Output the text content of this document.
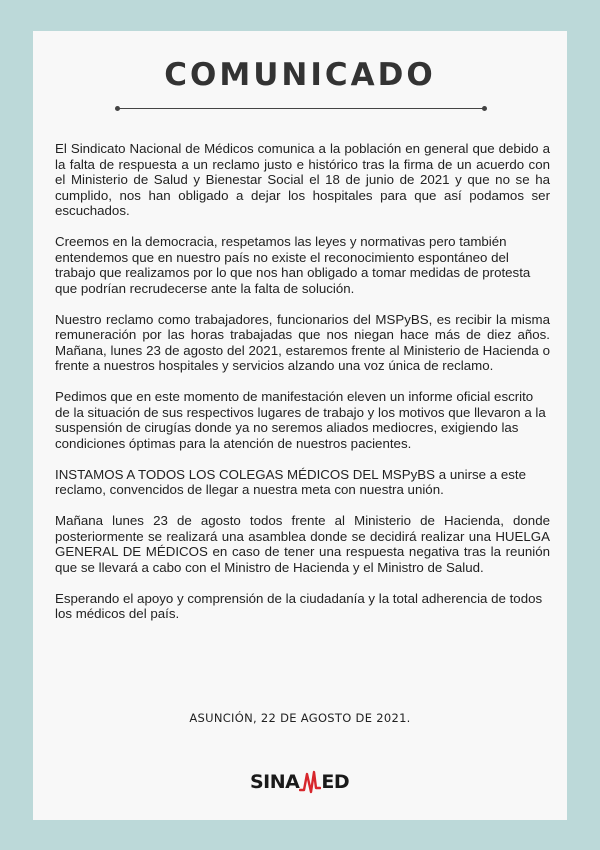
COMUNICADO

El Sindicato Nacional de Médicos comunica a la población en general que debido a la falta de respuesta a un reclamo justo e histórico tras la firma de un acuerdo con el Ministerio de Salud y Bienestar Social el 18 de junio de 2021 y que no se ha cumplido, nos han obligado a dejar los hospitales para que así podamos ser escuchados.

Creemos en la democracia, respetamos las leyes y normativas pero también entendemos que en nuestro país no existe el reconocimiento espontáneo del trabajo que realizamos por lo que nos han obligado a tomar medidas de protesta que podrían recrudecerse ante la falta de solución.

Nuestro reclamo como trabajadores, funcionarios del MSPyBS, es recibir la misma remuneración por las horas trabajadas que nos niegan hace más de diez años. Mañana, lunes 23 de agosto del 2021, estaremos frente al Ministerio de Hacienda o frente a nuestros hospitales y servicios alzando una voz única de reclamo.

Pedimos que en este momento de manifestación eleven un informe oficial escrito de la situación de sus respectivos lugares de trabajo y los motivos que llevaron a la suspensión de cirugías donde ya no seremos aliados mediocres, exigiendo las condiciones óptimas para la atención de nuestros pacientes.

INSTAMOS A TODOS LOS COLEGAS MÉDICOS DEL MSPyBS a unirse a este reclamo, convencidos de llegar a nuestra meta con nuestra unión.

Mañana lunes 23 de agosto todos frente al Ministerio de Hacienda, donde posteriormente se realizará una asamblea donde se decidirá realizar una HUELGA GENERAL DE MÉDICOS en caso de tener una respuesta negativa tras la reunión que se llevará a cabo con el Ministro de Hacienda y el Ministro de Salud.

Esperando el apoyo y comprensión de la ciudadanía y la total adherencia de todos los médicos del país.

ASUNCIÓN, 22 DE AGOSTO DE 2021.
SINA ED
